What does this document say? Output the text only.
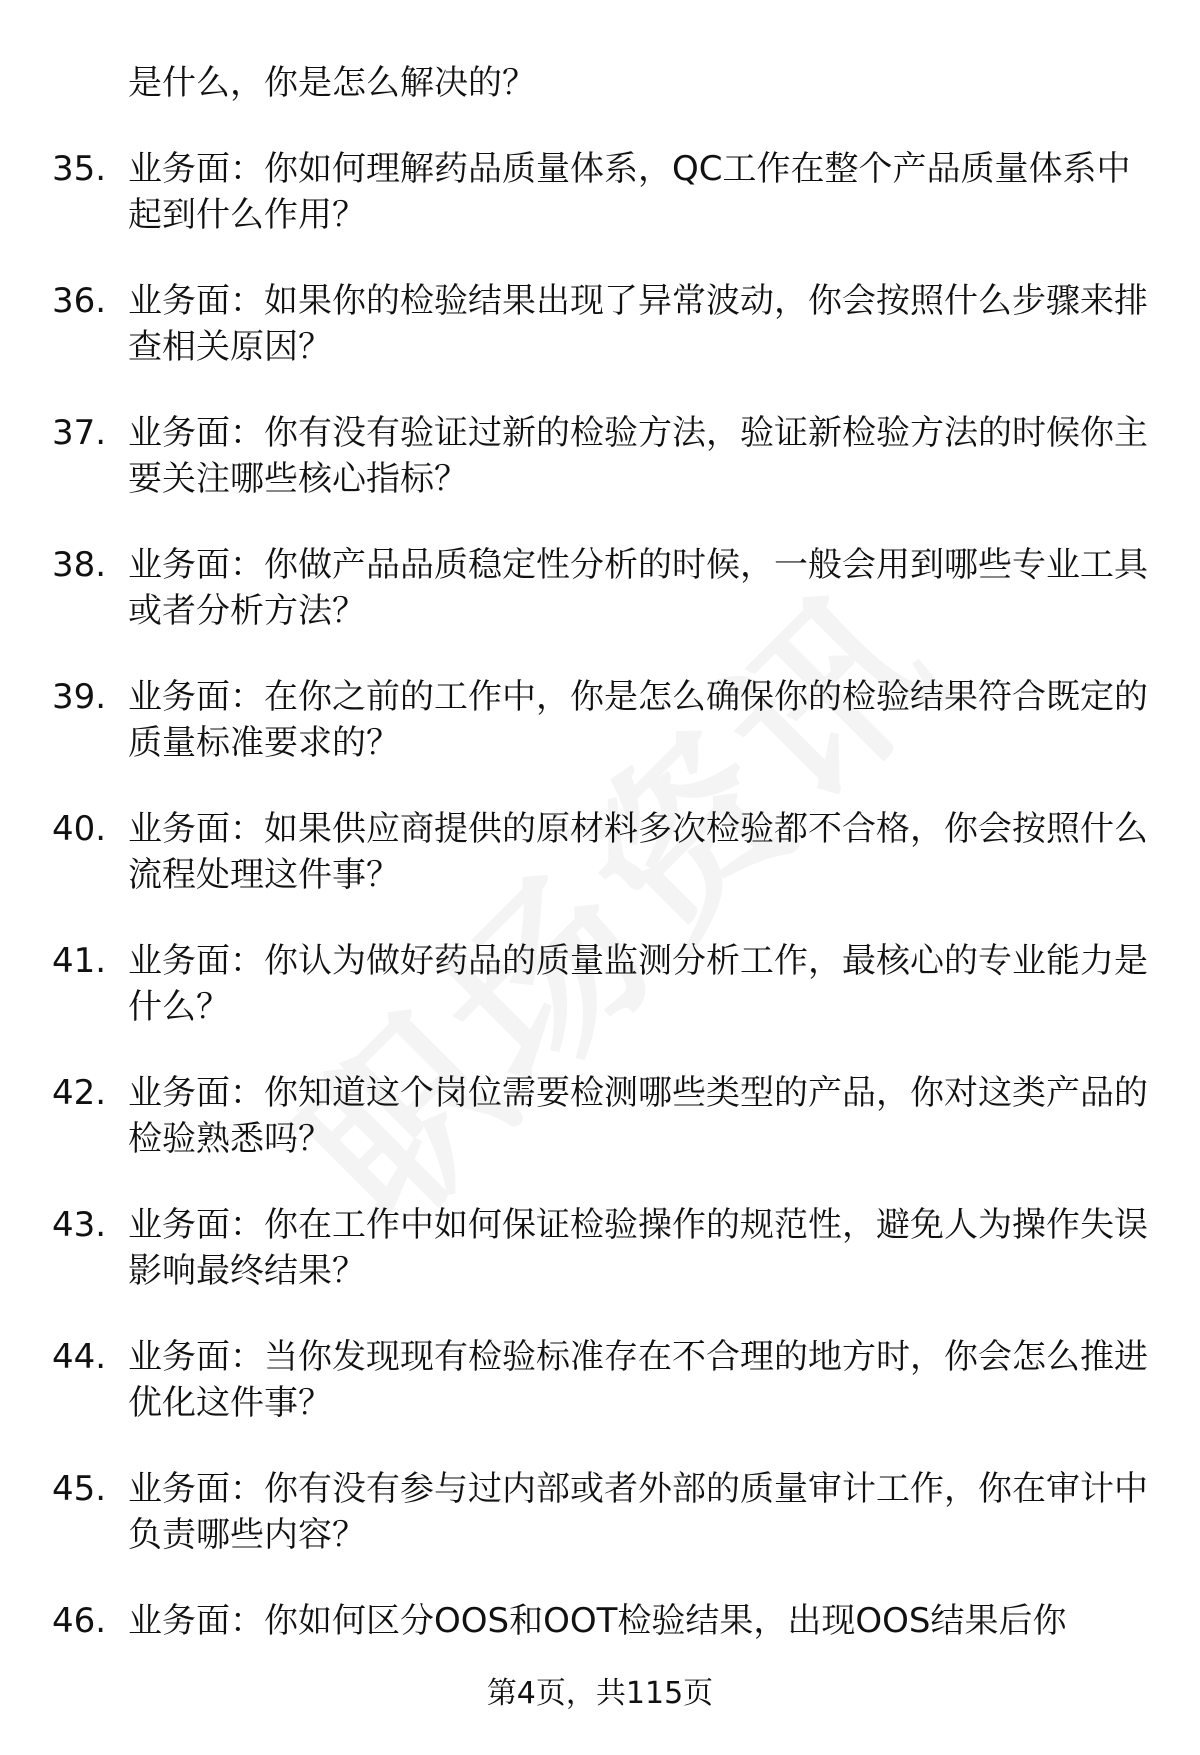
是什么，你是怎么解决的？

35. 业务面：你如何理解药品质量体系，QC工作在整个产品质量体系中起到什么作用？
36. 业务面：如果你的检验结果出现了异常波动，你会按照什么步骤来排查相关原因？
37. 业务面：你有没有验证过新的检验方法，验证新检验方法的时候你主要关注哪些核心指标？
38. 业务面：你做产品品质稳定性分析的时候，一般会用到哪些专业工具或者分析方法？
39. 业务面：在你之前的工作中，你是怎么确保你的检验结果符合既定的质量标准要求的？
40. 业务面：如果供应商提供的原材料多次检验都不合格，你会按照什么流程处理这件事？
41. 业务面：你认为做好药品的质量监测分析工作，最核心的专业能力是什么？
42. 业务面：你知道这个岗位需要检测哪些类型的产品，你对这类产品的检验熟悉吗？
43. 业务面：你在工作中如何保证检验操作的规范性，避免人为操作失误影响最终结果？
44. 业务面：当你发现现有检验标准存在不合理的地方时，你会怎么推进优化这件事？
45. 业务面：你有没有参与过内部或者外部的质量审计工作，你在审计中负责哪些内容？
46. 业务面：你如何区分OOS和OOT检验结果，出现OOS结果后你
第4页，共115页
